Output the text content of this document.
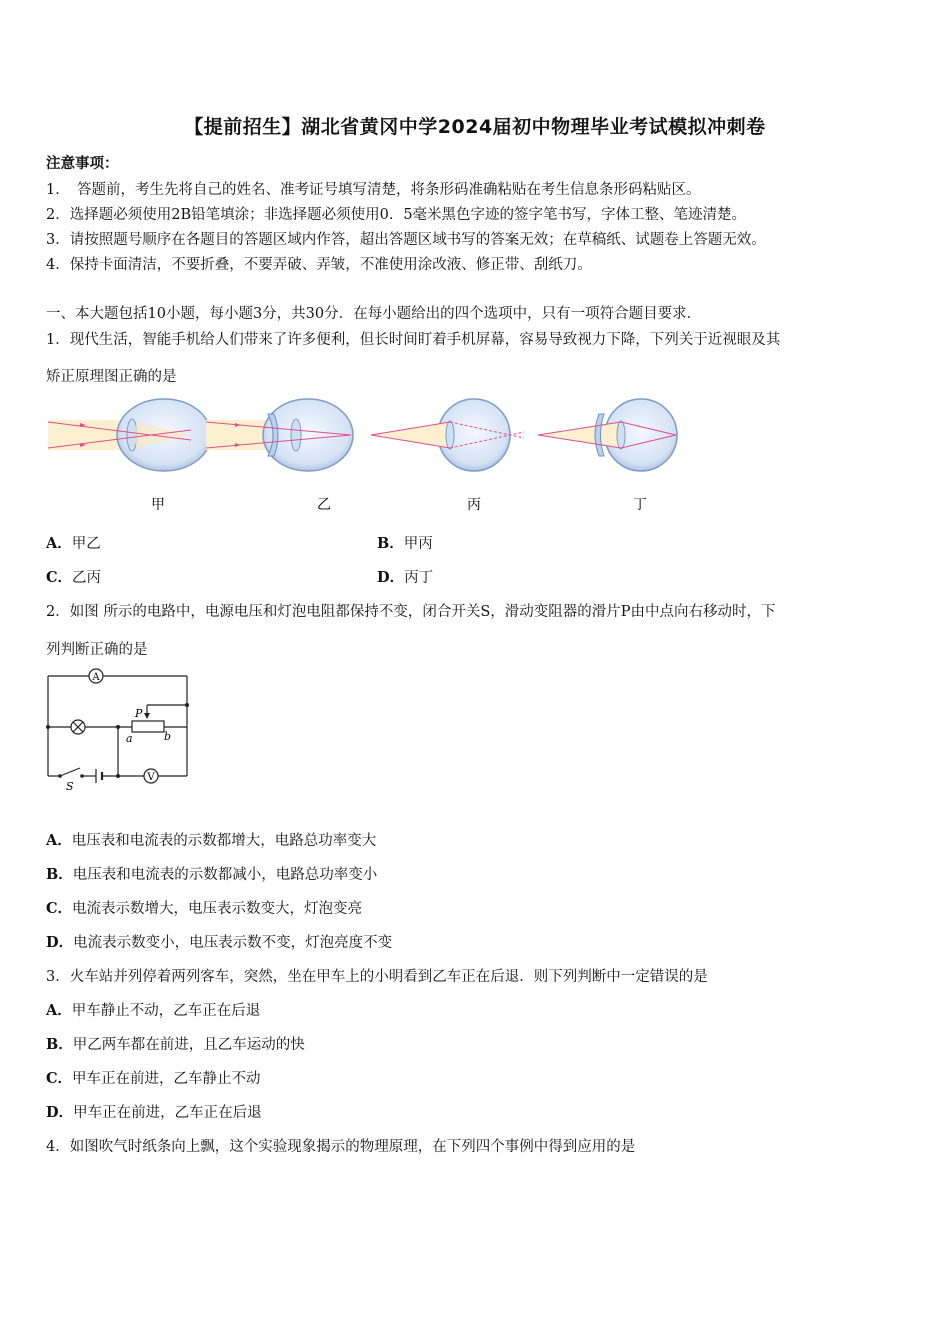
【提前招生】湖北省黄冈中学2024届初中物理毕业考试模拟冲刺卷
注意事项：
1．　答题前，考生先将自己的姓名、准考证号填写清楚，将条形码准确粘贴在考生信息条形码粘贴区。
2．选择题必须使用2B铅笔填涂；非选择题必须使用0．5毫米黑色字迹的签字笔书写，字体工整、笔迹清楚。
3．请按照题号顺序在各题目的答题区域内作答，超出答题区域书写的答案无效；在草稿纸、试题卷上答题无效。
4．保持卡面清洁，不要折叠，不要弄破、弄皱，不准使用涂改液、修正带、刮纸刀。
一、本大题包括10小题，每小题3分，共30分．在每小题给出的四个选项中，只有一项符合题目要求．
1．现代生活，智能手机给人们带来了许多便利，但长时间盯着手机屏幕，容易导致视力下降，下列关于近视眼及其
矫正原理图正确的是
甲	乙	丙	丁
A．甲乙	B．甲丙
C．乙丙	D．丙丁
2．如图 所示的电路中，电源电压和灯泡电阻都保持不变，闭合开关S，滑动变阻器的滑片P由中点向右移动时，下
列判断正确的是
A
V
P
a	b
S
A．电压表和电流表的示数都增大，电路总功率变大
B．电压表和电流表的示数都减小，电路总功率变小
C．电流表示数增大，电压表示数变大，灯泡变亮
D．电流表示数变小，电压表示数不变，灯泡亮度不变
3．火车站并列停着两列客车，突然，坐在甲车上的小明看到乙车正在后退．则下列判断中一定错误的是
A．甲车静止不动，乙车正在后退
B．甲乙两车都在前进，且乙车运动的快
C．甲车正在前进，乙车静止不动
D．甲车正在前进，乙车正在后退
4．如图吹气时纸条向上飘，这个实验现象揭示的物理原理，在下列四个事例中得到应用的是
